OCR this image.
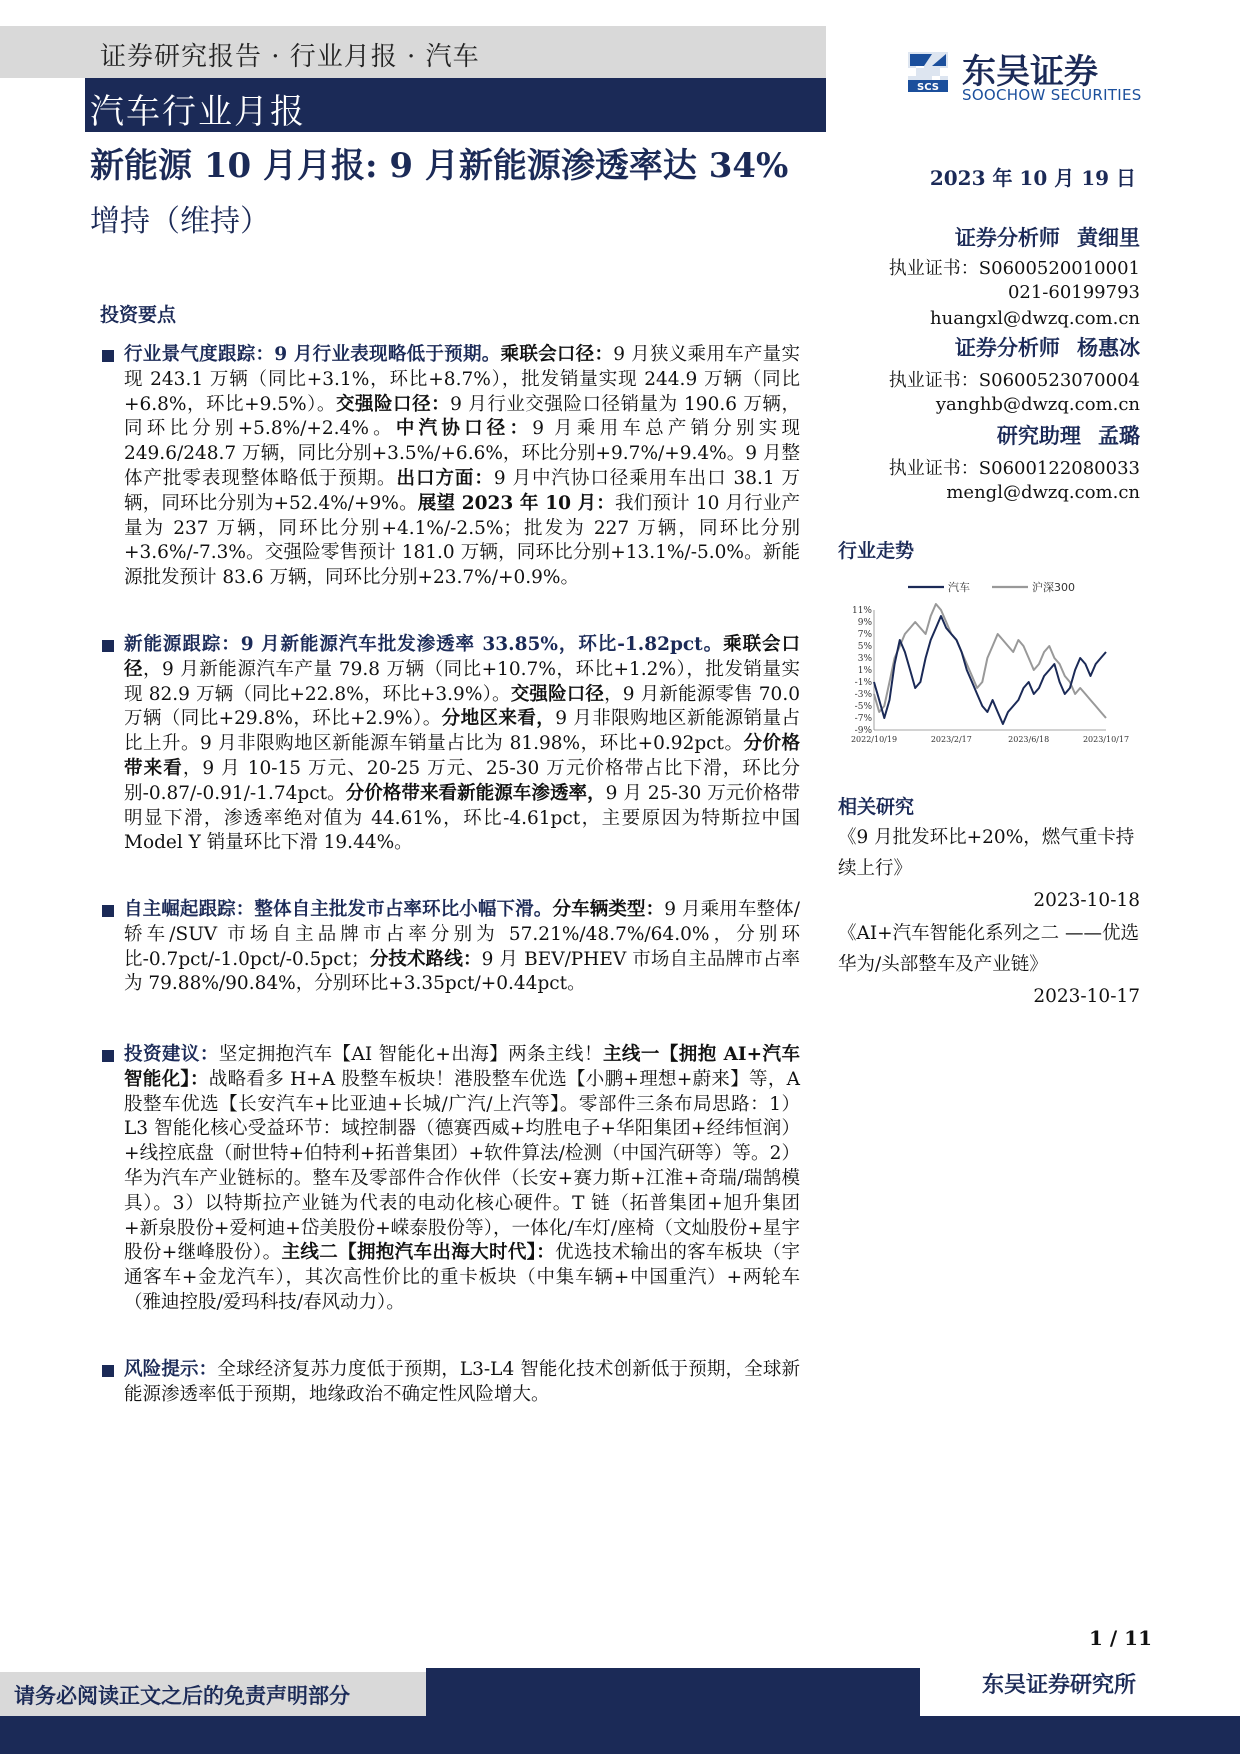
证券研究报告 · 行业月报 · 汽车
汽车行业月报
新能源 10 月月报: 9 月新能源渗透率达 34%
增持（维持）
SCS 东吴证券
SOOCHOW SECURITIES
2023 年 10 月 19 日
证券分析师 黄细里
执业证书：S0600520010001
021-60199793
huangxl@dwzq.com.cn
证券分析师 杨惠冰
执业证书：S0600523070004
yanghb@dwzq.com.cn
研究助理 孟璐
执业证书：S0600122080033
mengl@dwzq.com.cn
投资要点
行业景气度跟踪：9 月行业表现略低于预期。乘联会口径：9 月狭义乘用车产量实现 243.1 万辆（同比+3.1%，环比+8.7%），批发销量实现 244.9 万辆（同比+6.8%，环比+9.5%）。交强险口径：9 月行业交强险口径销量为 190.6 万辆，同环比分别+5.8%/+2.4%。中汽协口径：9 月乘用车总产销分别实现 249.6/248.7 万辆，同比分别+3.5%/+6.6%，环比分别+9.7%/+9.4%。9 月整体产批零表现整体略低于预期。出口方面：9 月中汽协口径乘用车出口 38.1 万辆，同环比分别为+52.4%/+9%。展望 2023 年 10 月：我们预计 10 月行业产量为 237 万辆，同环比分别+4.1%/-2.5%；批发为 227 万辆，同环比分别+3.6%/-7.3%。交强险零售预计 181.0 万辆，同环比分别+13.1%/-5.0%。新能源批发预计 83.6 万辆，同环比分别+23.7%/+0.9%。
新能源跟踪：9 月新能源汽车批发渗透率 33.85%，环比-1.82pct。乘联会口径，9 月新能源汽车产量 79.8 万辆（同比+10.7%，环比+1.2%），批发销量实现 82.9 万辆（同比+22.8%，环比+3.9%）。交强险口径，9 月新能源零售 70.0 万辆（同比+29.8%，环比+2.9%）。分地区来看，9 月非限购地区新能源销量占比上升。9 月非限购地区新能源车销量占比为 81.98%，环比+0.92pct。分价格带来看，9 月 10-15 万元、20-25 万元、25-30 万元价格带占比下滑，环比分别-0.87/-0.91/-1.74pct。分价格带来看新能源车渗透率，9 月 25-30 万元价格带明显下滑，渗透率绝对值为 44.61%，环比-4.61pct，主要原因为特斯拉中国 Model Y 销量环比下滑 19.44%。
自主崛起跟踪：整体自主批发市占率环比小幅下滑。分车辆类型：9 月乘用车整体/轿车/SUV 市场自主品牌市占率分别为 57.21%/48.7%/64.0%，分别环比-0.7pct/-1.0pct/-0.5pct；分技术路线：9 月 BEV/PHEV 市场自主品牌市占率为 79.88%/90.84%，分别环比+3.35pct/+0.44pct。
投资建议：坚定拥抱汽车【AI 智能化+出海】两条主线！主线一【拥抱 AI+汽车智能化】：战略看多 H+A 股整车板块！港股整车优选【小鹏+理想+蔚来】等，A 股整车优选【长安汽车+比亚迪+长城/广汽/上汽等】。零部件三条布局思路：1）L3 智能化核心受益环节：域控制器（德赛西威+均胜电子+华阳集团+经纬恒润）+线控底盘（耐世特+伯特利+拓普集团）+软件算法/检测（中国汽研等）等。2）华为汽车产业链标的。整车及零部件合作伙伴（长安+赛力斯+江淮+奇瑞/瑞鹄模具）。3）以特斯拉产业链为代表的电动化核心硬件。T 链（拓普集团+旭升集团+新泉股份+爱柯迪+岱美股份+嵘泰股份等），一体化/车灯/座椅（文灿股份+星宇股份+继峰股份）。主线二【拥抱汽车出海大时代】：优选技术输出的客车板块（宇通客车+金龙汽车），其次高性价比的重卡板块（中集车辆+中国重汽）+两轮车（雅迪控股/爱玛科技/春风动力）。
风险提示：全球经济复苏力度低于预期，L3-L4 智能化技术创新低于预期，全球新能源渗透率低于预期，地缘政治不确定性风险增大。
行业走势
汽车	沪深300
11%
9%
7%
5%
3%
1%
-1%
-3%
-5%
-7%
-9%
2022/10/19	2023/2/17	2023/6/18	2023/10/17
相关研究
《9 月批发环比+20%，燃气重卡持续上行》
2023-10-18
《AI+汽车智能化系列之二 ——优选华为/头部整车及产业链》
2023-10-17
1 / 11
请务必阅读正文之后的免责声明部分	东吴证券研究所
